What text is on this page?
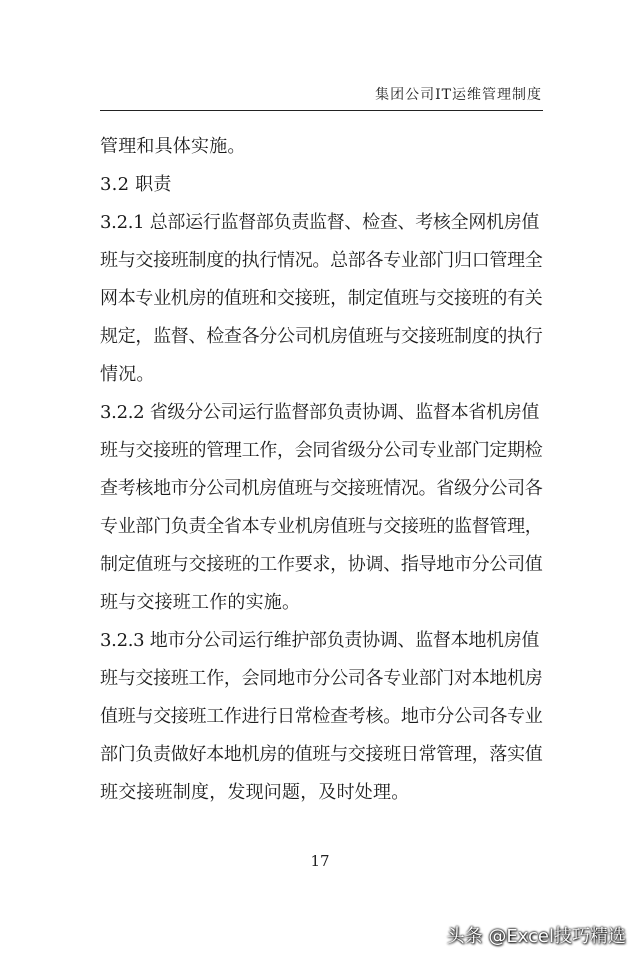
集团公司IT运维管理制度
管理和具体实施。
3.2 职责
3.2.1 总部运行监督部负责监督、检查、考核全网机房值
班与交接班制度的执行情况。总部各专业部门归口管理全
网本专业机房的值班和交接班，制定值班与交接班的有关
规定，监督、检查各分公司机房值班与交接班制度的执行
情况。
3.2.2 省级分公司运行监督部负责协调、监督本省机房值
班与交接班的管理工作，会同省级分公司专业部门定期检
查考核地市分公司机房值班与交接班情况。省级分公司各
专业部门负责全省本专业机房值班与交接班的监督管理，
制定值班与交接班的工作要求，协调、指导地市分公司值
班与交接班工作的实施。
3.2.3 地市分公司运行维护部负责协调、监督本地机房值
班与交接班工作，会同地市分公司各专业部门对本地机房
值班与交接班工作进行日常检查考核。地市分公司各专业
部门负责做好本地机房的值班与交接班日常管理，落实值
班交接班制度，发现问题，及时处理。
17
头条 @Excel技巧精选
